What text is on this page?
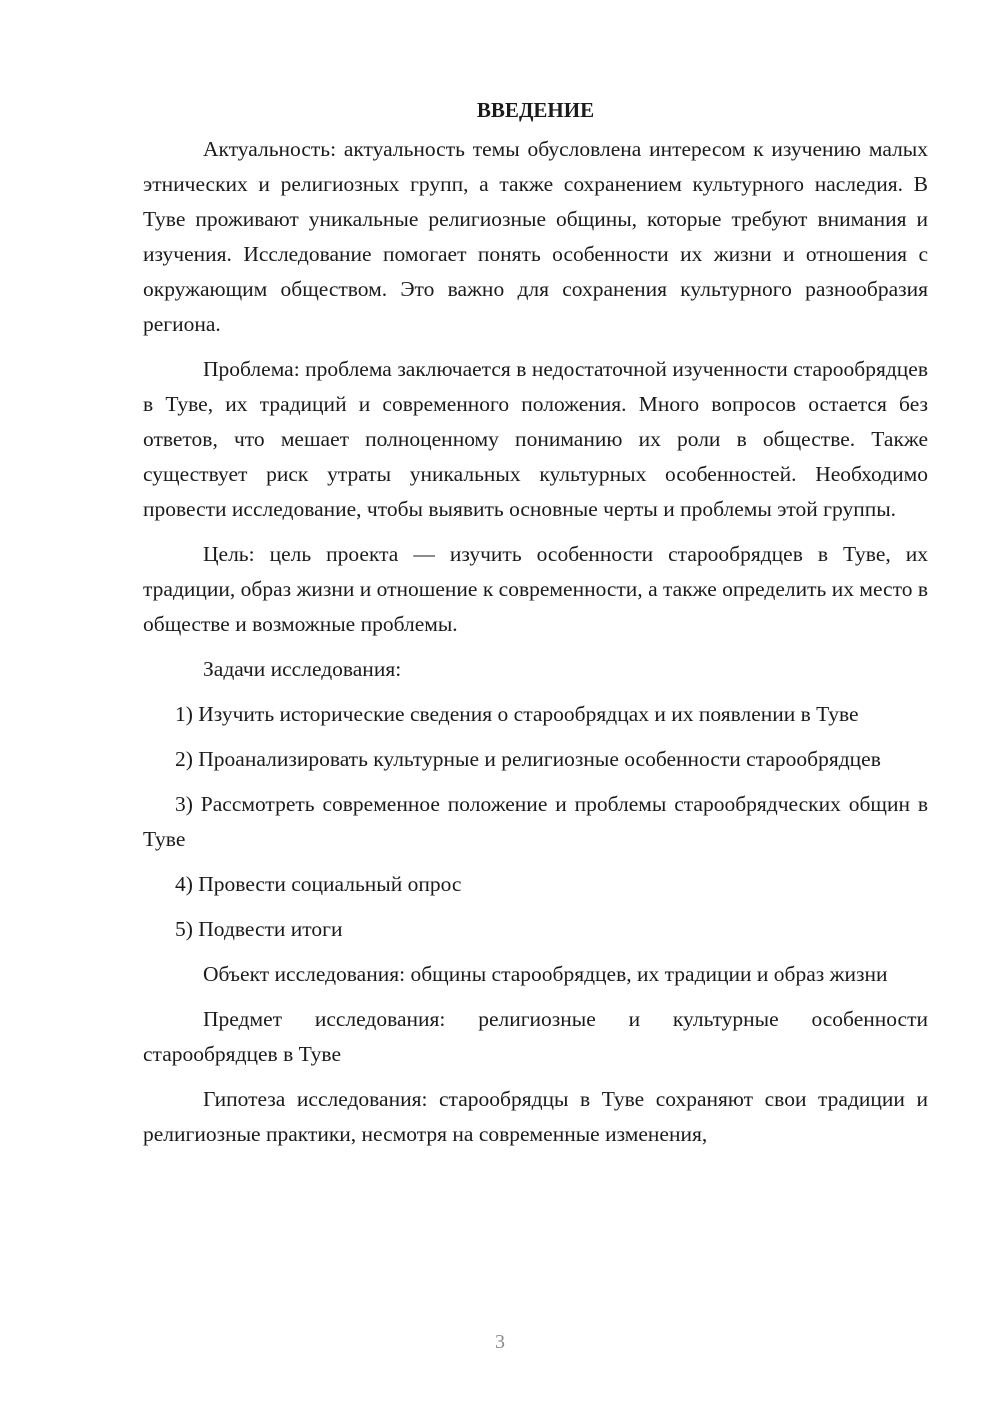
ВВЕДЕНИЕ

Актуальность: актуальность темы обусловлена интересом к изучению малых этнических и религиозных групп, а также сохранением культурного наследия. В Туве проживают уникальные религиозные общины, которые требуют внимания и изучения. Исследование помогает понять особенности их жизни и отношения с окружающим обществом. Это важно для сохранения культурного разнообразия региона.

Проблема: проблема заключается в недостаточной изученности старообрядцев в Туве, их традиций и современного положения. Много вопросов остается без ответов, что мешает полноценному пониманию их роли в обществе. Также существует риск утраты уникальных культурных особенностей. Необходимо провести исследование, чтобы выявить основные черты и проблемы этой группы.

Цель: цель проекта — изучить особенности старообрядцев в Туве, их традиции, образ жизни и отношение к современности, а также определить их место в обществе и возможные проблемы.

Задачи исследования:

1) Изучить исторические сведения о старообрядцах и их появлении в Туве

2) Проанализировать культурные и религиозные особенности старообрядцев

3) Рассмотреть современное положение и проблемы старообрядческих общин в Туве

4) Провести социальный опрос

5) Подвести итоги

Объект исследования: общины старообрядцев, их традиции и образ жизни

Предмет исследования: религиозные и культурные особенности старообрядцев в Туве

Гипотеза исследования: старообрядцы в Туве сохраняют свои традиции и религиозные практики, несмотря на современные изменения,

3
